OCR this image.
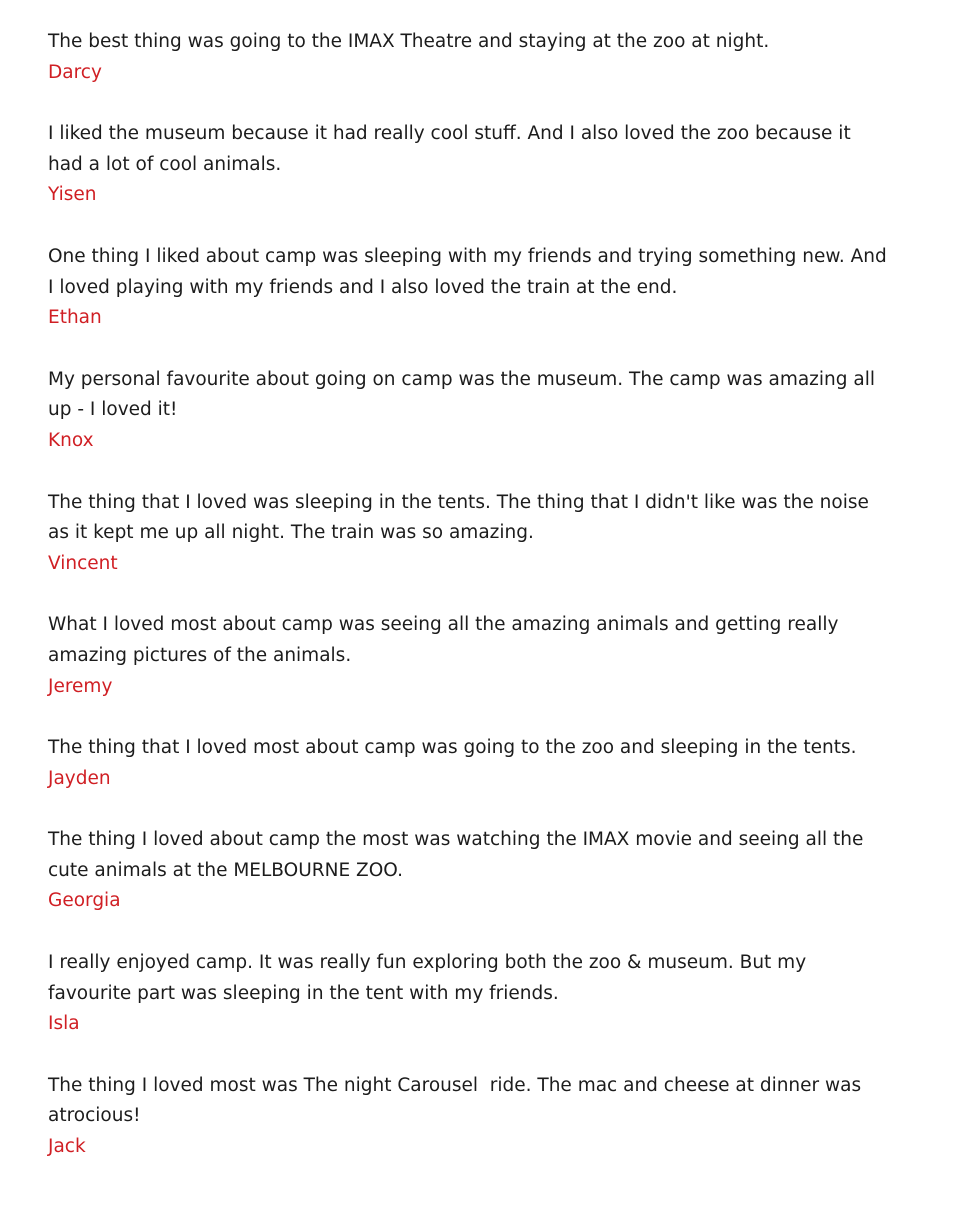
The best thing was going to the IMAX Theatre and staying at the zoo at night.

Darcy

I liked the museum because it had really cool stuff. And I also loved the zoo because it had a lot of cool animals.

Yisen

One thing I liked about camp was sleeping with my friends and trying something new. And I loved playing with my friends and I also loved the train at the end.

Ethan

My personal favourite about going on camp was the museum. The camp was amazing all up - I loved it!

Knox

The thing that I loved was sleeping in the tents. The thing that I didn't like was the noise as it kept me up all night. The train was so amazing.

Vincent

What I loved most about camp was seeing all the amazing animals and getting really amazing pictures of the animals.

Jeremy

The thing that I loved most about camp was going to the zoo and sleeping in the tents.

Jayden

The thing I loved about camp the most was watching the IMAX movie and seeing all the cute animals at the MELBOURNE ZOO.

Georgia

I really enjoyed camp. It was really fun exploring both the zoo & museum. But my favourite part was sleeping in the tent with my friends.

Isla

The thing I loved most was The night Carousel  ride. The mac and cheese at dinner was atrocious!

Jack
